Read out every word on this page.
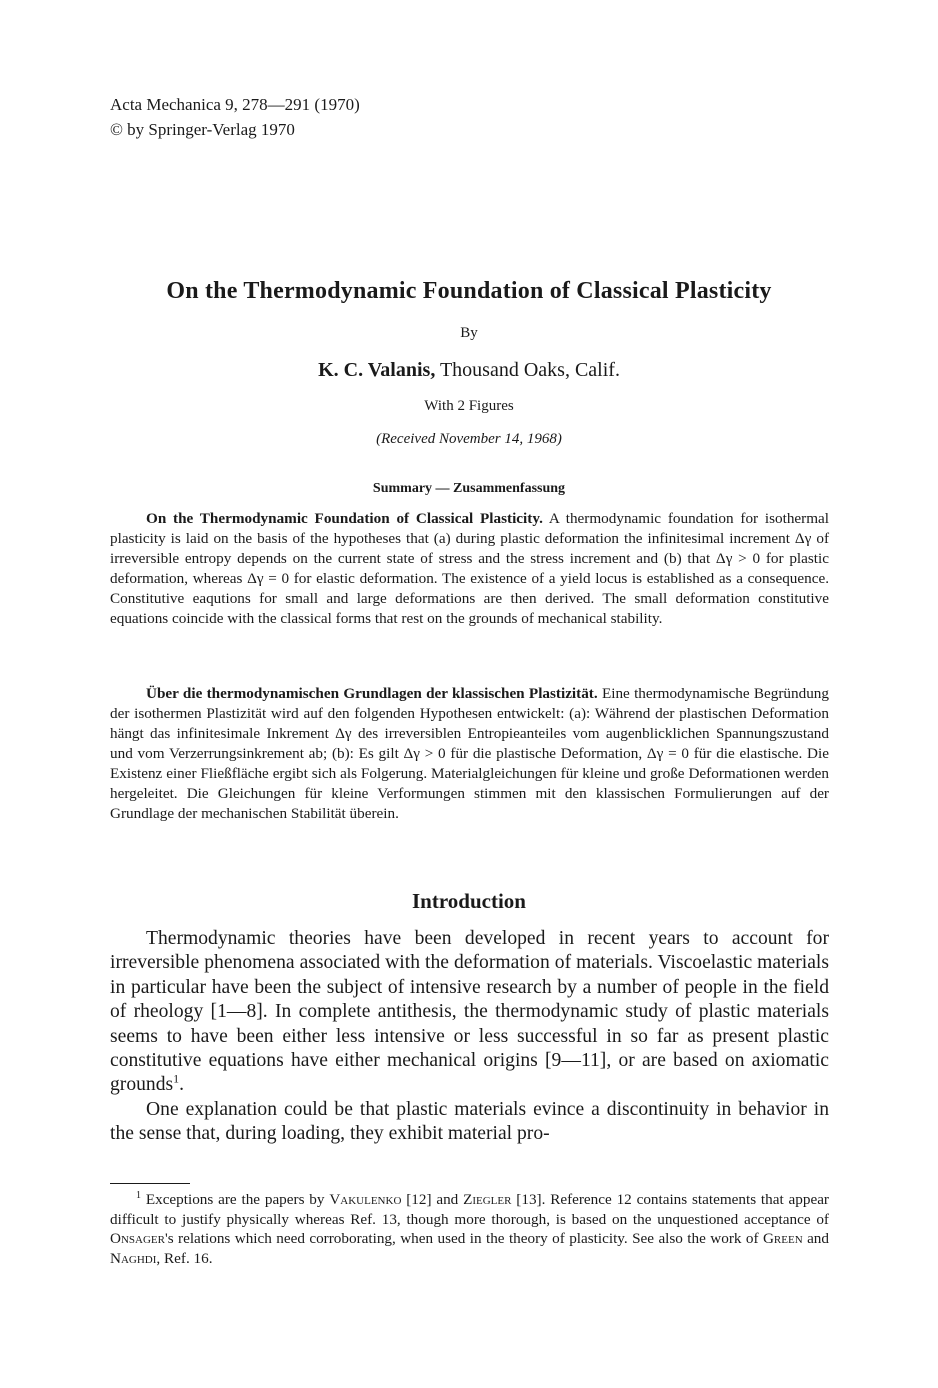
Acta Mechanica 9, 278—291 (1970)
© by Springer-Verlag 1970
On the Thermodynamic Foundation of Classical Plasticity
By
K. C. Valanis, Thousand Oaks, Calif.
With 2 Figures
(Received November 14, 1968)
Summary — Zusammenfassung

On the Thermodynamic Foundation of Classical Plasticity. A thermodynamic foundation for isothermal plasticity is laid on the basis of the hypotheses that (a) during plastic deformation the infinitesimal increment Δγ of irreversible entropy depends on the current state of stress and the stress increment and (b) that Δγ > 0 for plastic deformation, whereas Δγ = 0 for elastic deformation. The existence of a yield locus is established as a consequence. Constitutive eaqutions for small and large deformations are then derived. The small deformation constitutive equations coincide with the classical forms that rest on the grounds of mechanical stability.

Über die thermodynamischen Grundlagen der klassischen Plastizität. Eine thermodynamische Begründung der isothermen Plastizität wird auf den folgenden Hypothesen entwickelt: (a): Während der plastischen Deformation hängt das infinitesimale Inkrement Δγ des irreversiblen Entropieanteiles vom augenblicklichen Spannungszustand und vom Verzerrungsinkrement ab; (b): Es gilt Δγ > 0 für die plastische Deformation, Δγ = 0 für die elastische. Die Existenz einer Fließfläche ergibt sich als Folgerung. Materialgleichungen für kleine und große Deformationen werden hergeleitet. Die Gleichungen für kleine Verformungen stimmen mit den klassischen Formulierungen auf der Grundlage der mechanischen Stabilität überein.

Introduction

Thermodynamic theories have been developed in recent years to account for irreversible phenomena associated with the deformation of materials. Viscoelastic materials in particular have been the subject of intensive research by a number of people in the field of rheology [1—8]. In complete antithesis, the thermodynamic study of plastic materials seems to have been either less intensive or less successful in so far as present plastic constitutive equations have either mechanical origins [9—11], or are based on axiomatic grounds$^1$.

One explanation could be that plastic materials evince a discontinuity in behavior in the sense that, during loading, they exhibit material pro-

$^1$ Exceptions are the papers by Vakulenko [12] and Ziegler [13]. Reference 12 contains statements that appear difficult to justify physically whereas Ref. 13, though more thorough, is based on the unquestioned acceptance of Onsager's relations which need corroborating, when used in the theory of plasticity. See also the work of Green and Naghdi, Ref. 16.
